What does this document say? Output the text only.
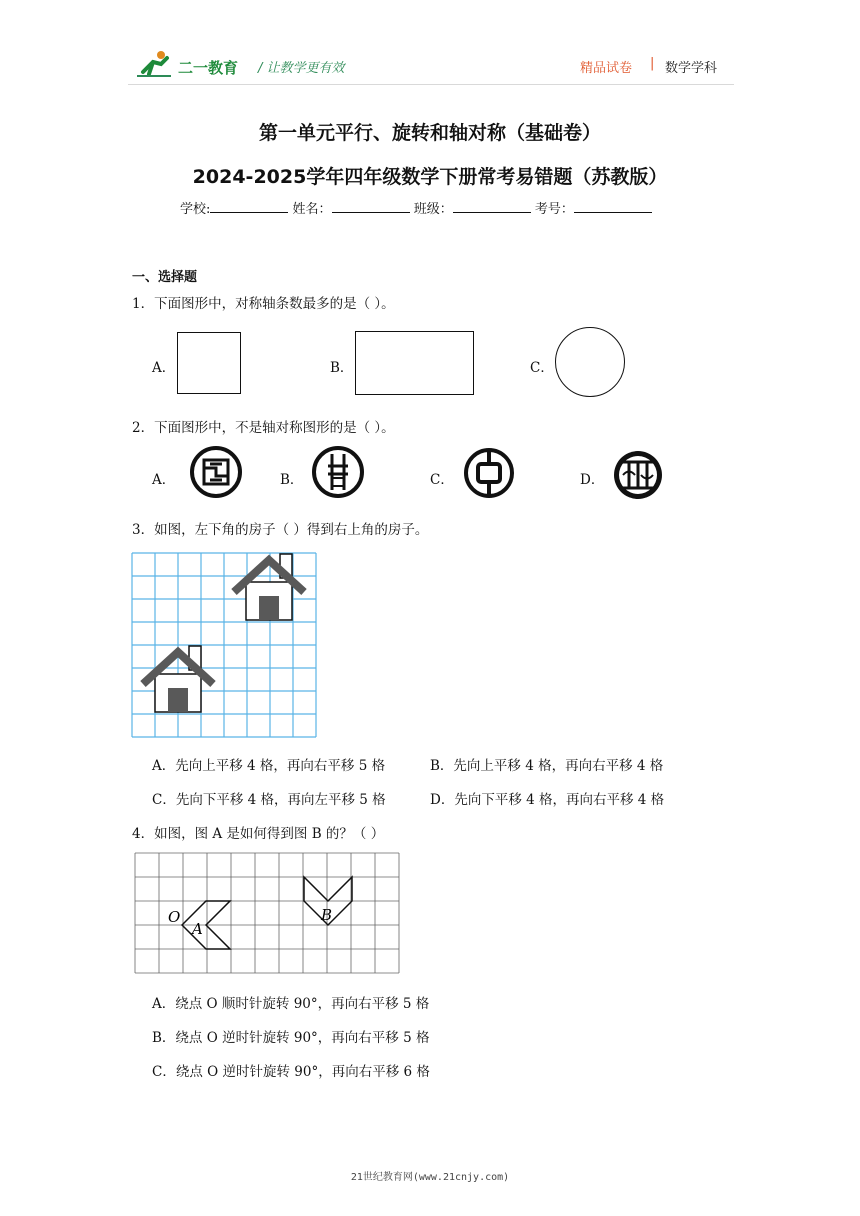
二一教育 / 让教学更有效	精品试卷 | 数学学科
第一单元平行、旋转和轴对称（基础卷）
2024-2025学年四年级数学下册常考易错题（苏教版）
学校:	姓名：	班级：	考号：
一、选择题
1．下面图形中，对称轴条数最多的是（ ）。
A．	B．	C．
2．下面图形中，不是轴对称图形的是（ ）。
A．	B．	C．	D．
3．如图，左下角的房子（ ）得到右上角的房子。
A．先向上平移 4 格，再向右平移 5 格	B．先向上平移 4 格，再向右平移 4 格
C．先向下平移 4 格，再向左平移 5 格	D．先向下平移 4 格，再向右平移 4 格
4．如图，图 A 是如何得到图 B 的？（ ）
O
A
B
A．绕点 O 顺时针旋转 90°，再向右平移 5 格
B．绕点 O 逆时针旋转 90°，再向右平移 5 格
C．绕点 O 逆时针旋转 90°，再向右平移 6 格
21世纪教育网(www.21cnjy.com)
